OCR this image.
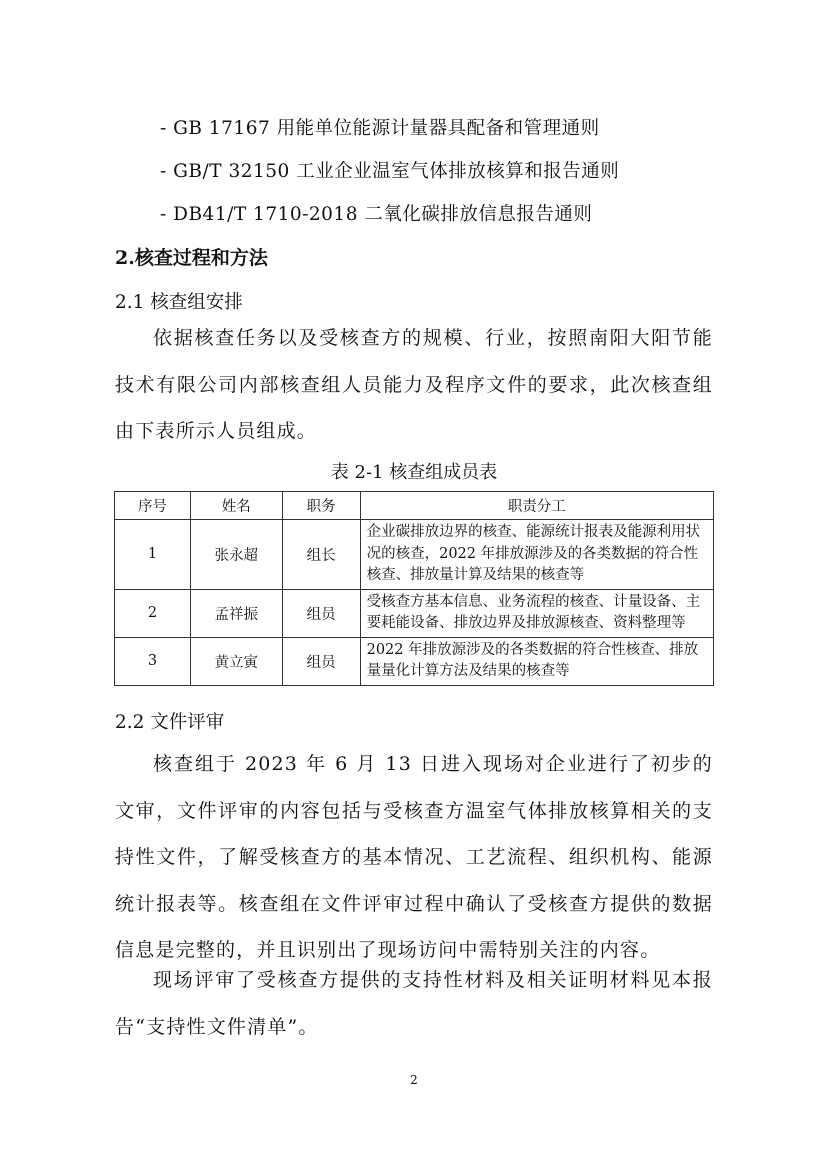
- GB 17167 用能单位能源计量器具配备和管理通则
- GB/T 32150 工业企业温室气体排放核算和报告通则
- DB41/T 1710-2018 二氧化碳排放信息报告通则
2.核查过程和方法
2.1 核查组安排

依据核查任务以及受核查方的规模、行业，按照南阳大阳节能技术有限公司内部核查组人员能力及程序文件的要求，此次核查组由下表所示人员组成。

表 2-1 核查组成员表
序号	姓名	职务	职责分工
1	张永超	组长	企业碳排放边界的核查、能源统计报表及能源利用状况的核查，2022 年排放源涉及的各类数据的符合性核查、排放量计算及结果的核查等
2	孟祥振	组员	受核查方基本信息、业务流程的核查、计量设备、主要耗能设备、排放边界及排放源核查、资料整理等
3	黄立寅	组员	2022 年排放源涉及的各类数据的符合性核查、排放量量化计算方法及结果的核查等
2.2 文件评审

核查组于 2023 年 6 月 13 日进入现场对企业进行了初步的文审，文件评审的内容包括与受核查方温室气体排放核算相关的支持性文件，了解受核查方的基本情况、工艺流程、组织机构、能源统计报表等。核查组在文件评审过程中确认了受核查方提供的数据信息是完整的，并且识别出了现场访问中需特别关注的内容。

现场评审了受核查方提供的支持性材料及相关证明材料见本报告“支持性文件清单”。

2
